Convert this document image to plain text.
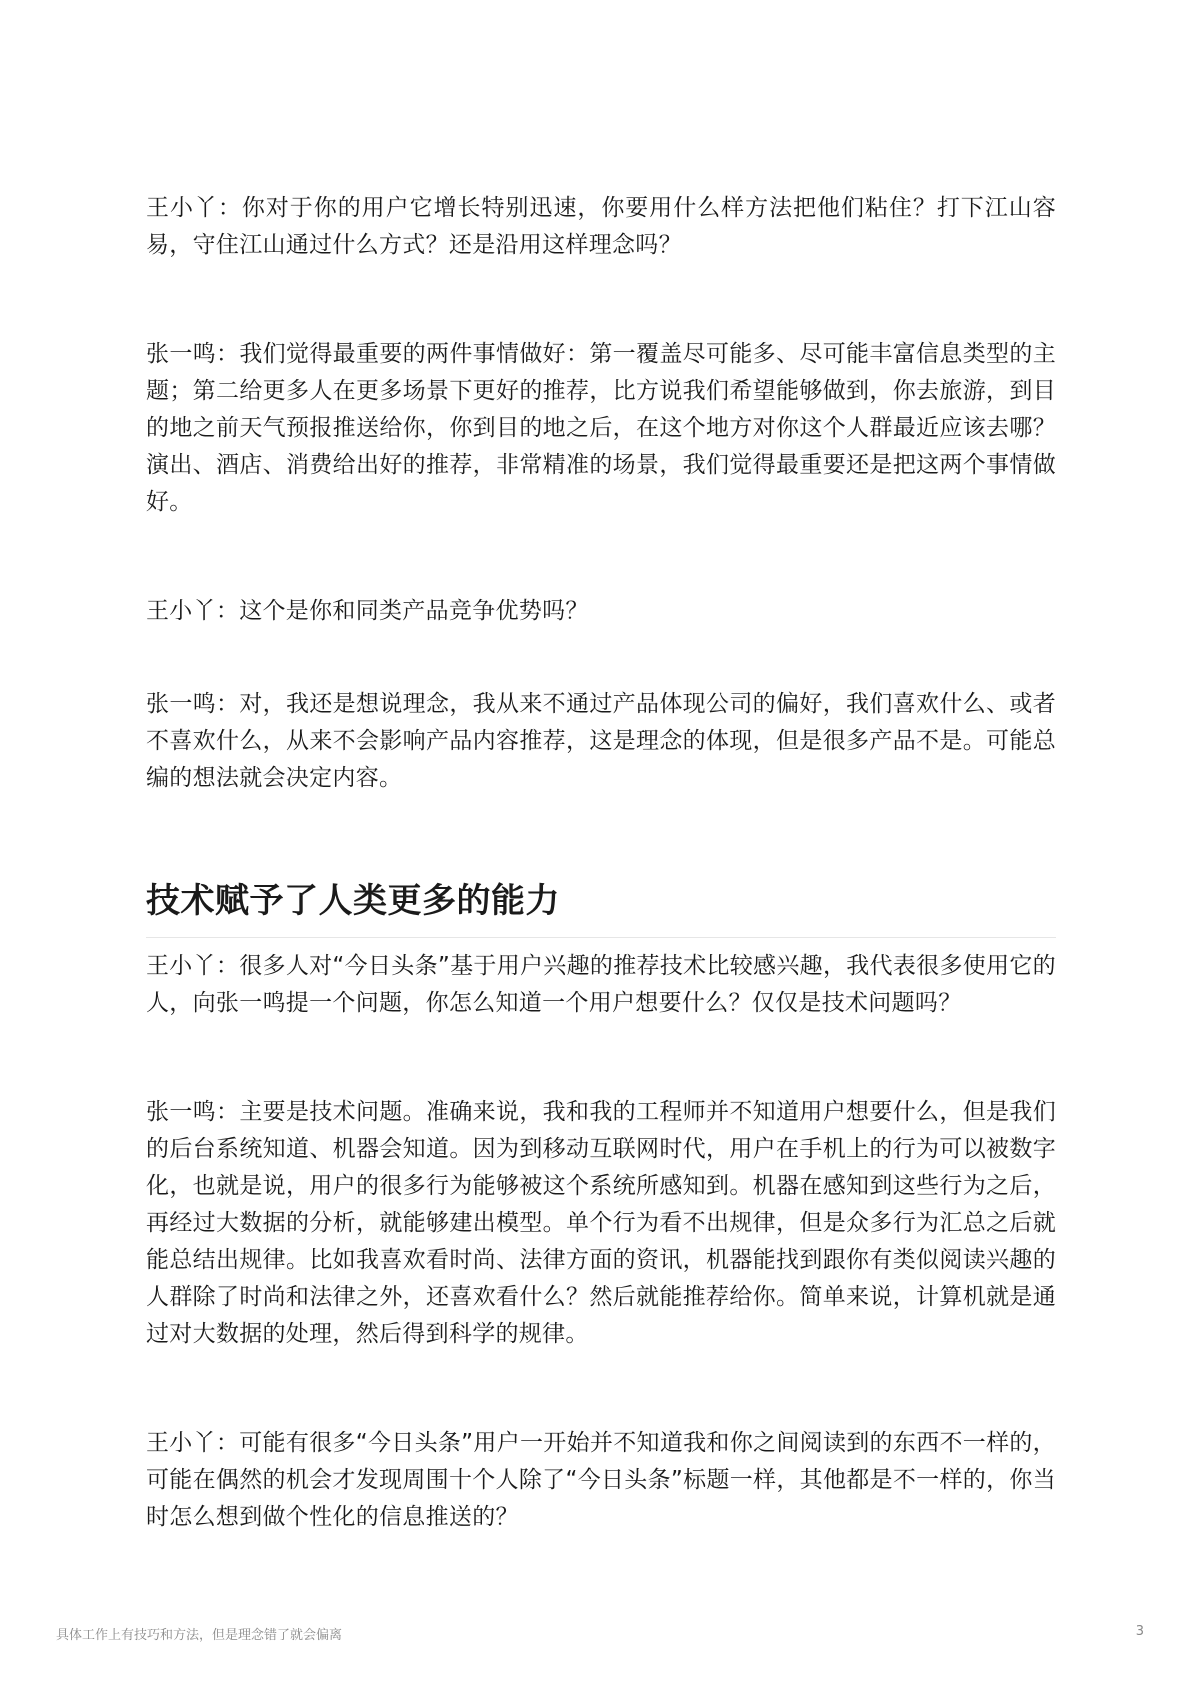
王小丫：你对于你的用户它增长特别迅速，你要用什么样方法把他们粘住？打下江山容易，守住江山通过什么方式？还是沿用这样理念吗？

张一鸣：我们觉得最重要的两件事情做好：第一覆盖尽可能多、尽可能丰富信息类型的主题；第二给更多人在更多场景下更好的推荐，比方说我们希望能够做到，你去旅游，到目的地之前天气预报推送给你，你到目的地之后，在这个地方对你这个人群最近应该去哪？演出、酒店、消费给出好的推荐，非常精准的场景，我们觉得最重要还是把这两个事情做好。

王小丫：这个是你和同类产品竞争优势吗？

张一鸣：对，我还是想说理念，我从来不通过产品体现公司的偏好，我们喜欢什么、或者不喜欢什么，从来不会影响产品内容推荐，这是理念的体现，但是很多产品不是。可能总编的想法就会决定内容。

技术赋予了人类更多的能力

王小丫：很多人对“今日头条”基于用户兴趣的推荐技术比较感兴趣，我代表很多使用它的人，向张一鸣提一个问题，你怎么知道一个用户想要什么？仅仅是技术问题吗？

张一鸣：主要是技术问题。准确来说，我和我的工程师并不知道用户想要什么，但是我们的后台系统知道、机器会知道。因为到移动互联网时代，用户在手机上的行为可以被数字化，也就是说，用户的很多行为能够被这个系统所感知到。机器在感知到这些行为之后，再经过大数据的分析，就能够建出模型。单个行为看不出规律，但是众多行为汇总之后就能总结出规律。比如我喜欢看时尚、法律方面的资讯，机器能找到跟你有类似阅读兴趣的人群除了时尚和法律之外，还喜欢看什么？然后就能推荐给你。简单来说，计算机就是通过对大数据的处理，然后得到科学的规律。

王小丫：可能有很多“今日头条”用户一开始并不知道我和你之间阅读到的东西不一样的，可能在偶然的机会才发现周围十个人除了“今日头条”标题一样，其他都是不一样的，你当时怎么想到做个性化的信息推送的？

具体工作上有技巧和方法，但是理念错了就会偏离	3
